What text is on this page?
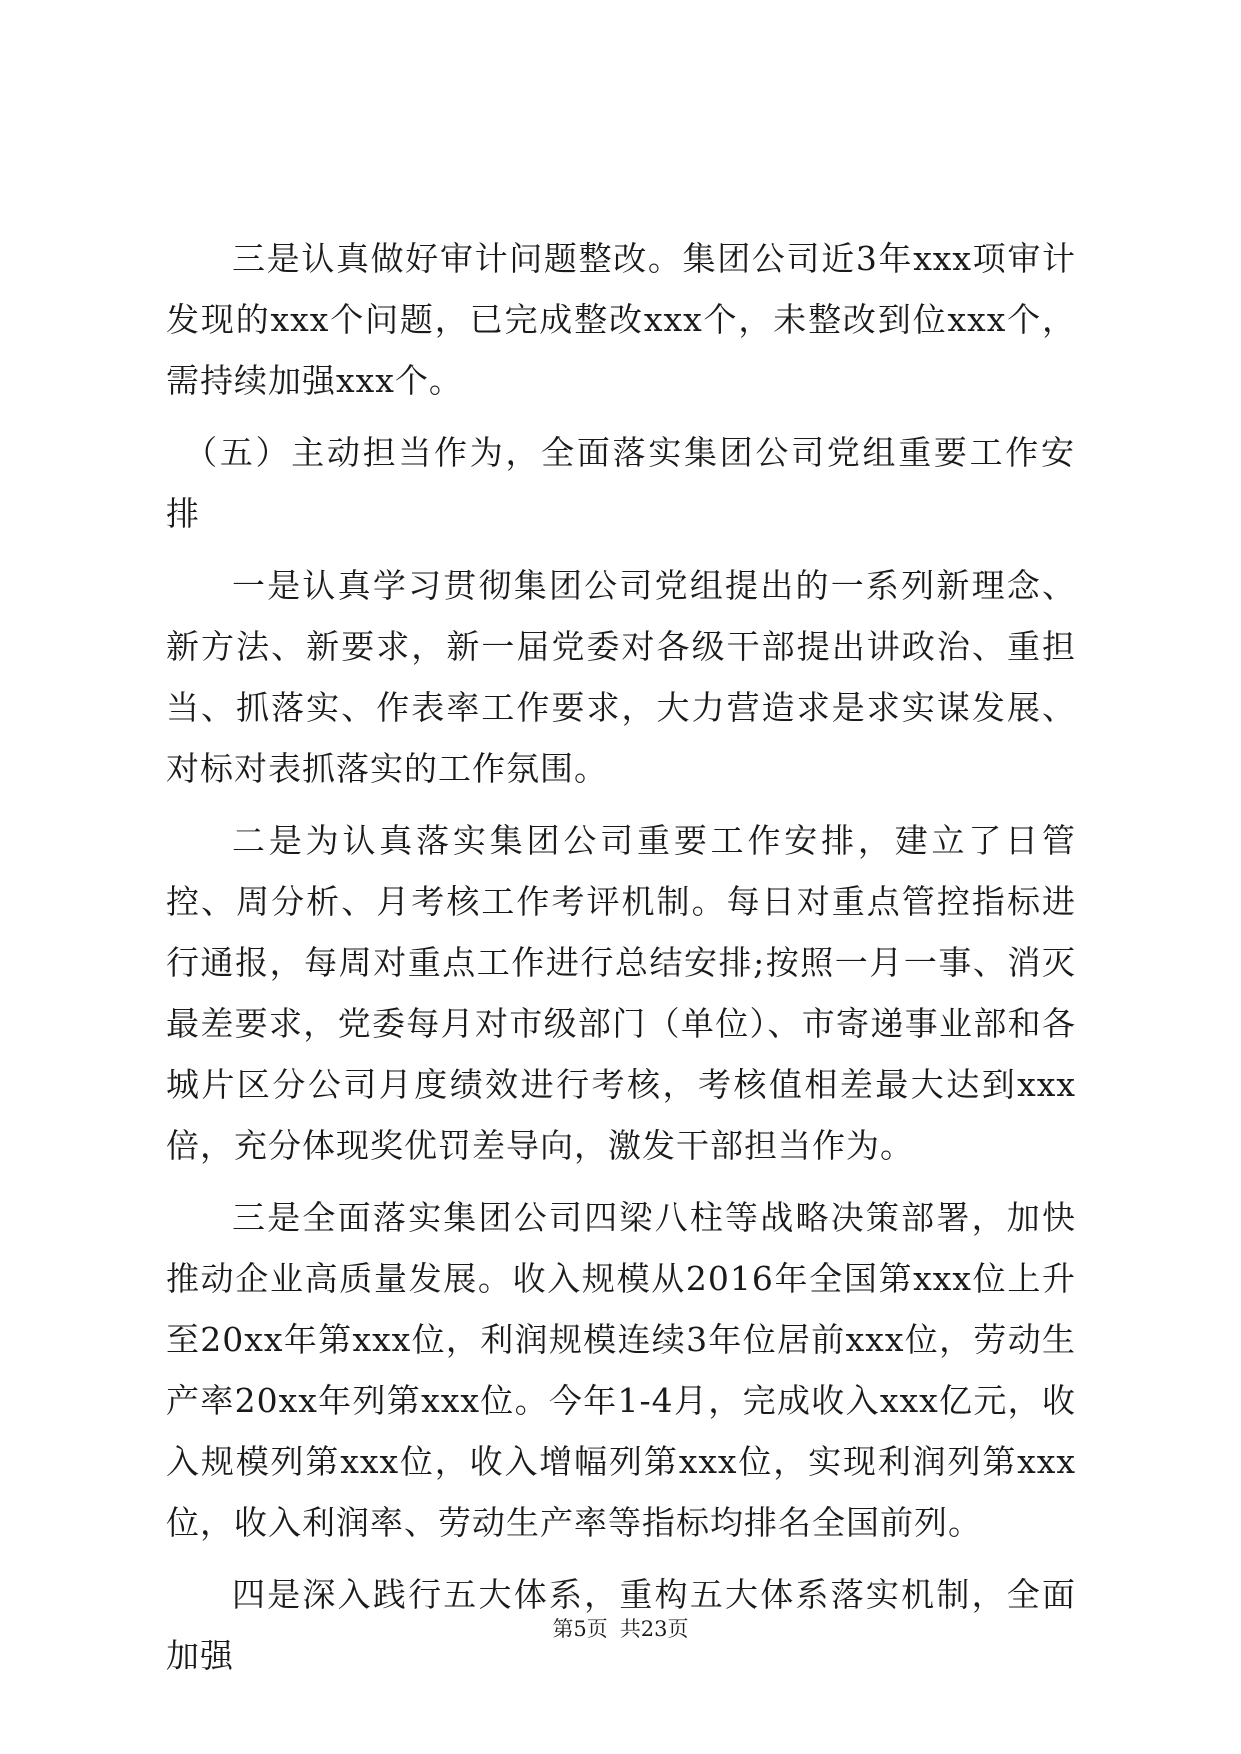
三是认真做好审计问题整改。集团公司近3年xxx项审计发现的xxx个问题，已完成整改xxx个，未整改到位xxx个，需持续加强xxx个。

（五）主动担当作为，全面落实集团公司党组重要工作安排

一是认真学习贯彻集团公司党组提出的一系列新理念、新方法、新要求，新一届党委对各级干部提出讲政治、重担当、抓落实、作表率工作要求，大力营造求是求实谋发展、对标对表抓落实的工作氛围。

二是为认真落实集团公司重要工作安排，建立了日管控、周分析、月考核工作考评机制。每日对重点管控指标进行通报，每周对重点工作进行总结安排;按照一月一事、消灭最差要求，党委每月对市级部门（单位）、市寄递事业部和各城片区分公司月度绩效进行考核，考核值相差最大达到xxx倍，充分体现奖优罚差导向，激发干部担当作为。

三是全面落实集团公司四梁八柱等战略决策部署，加快推动企业高质量发展。收入规模从2016年全国第xxx位上升至20xx年第xxx位，利润规模连续3年位居前xxx位，劳动生产率20xx年列第xxx位。今年1-4月，完成收入xxx亿元，收入规模列第xxx位，收入增幅列第xxx位，实现利润列第xxx位，收入利润率、劳动生产率等指标均排名全国前列。

四是深入践行五大体系，重构五大体系落实机制，全面加强

第5页 共23页
